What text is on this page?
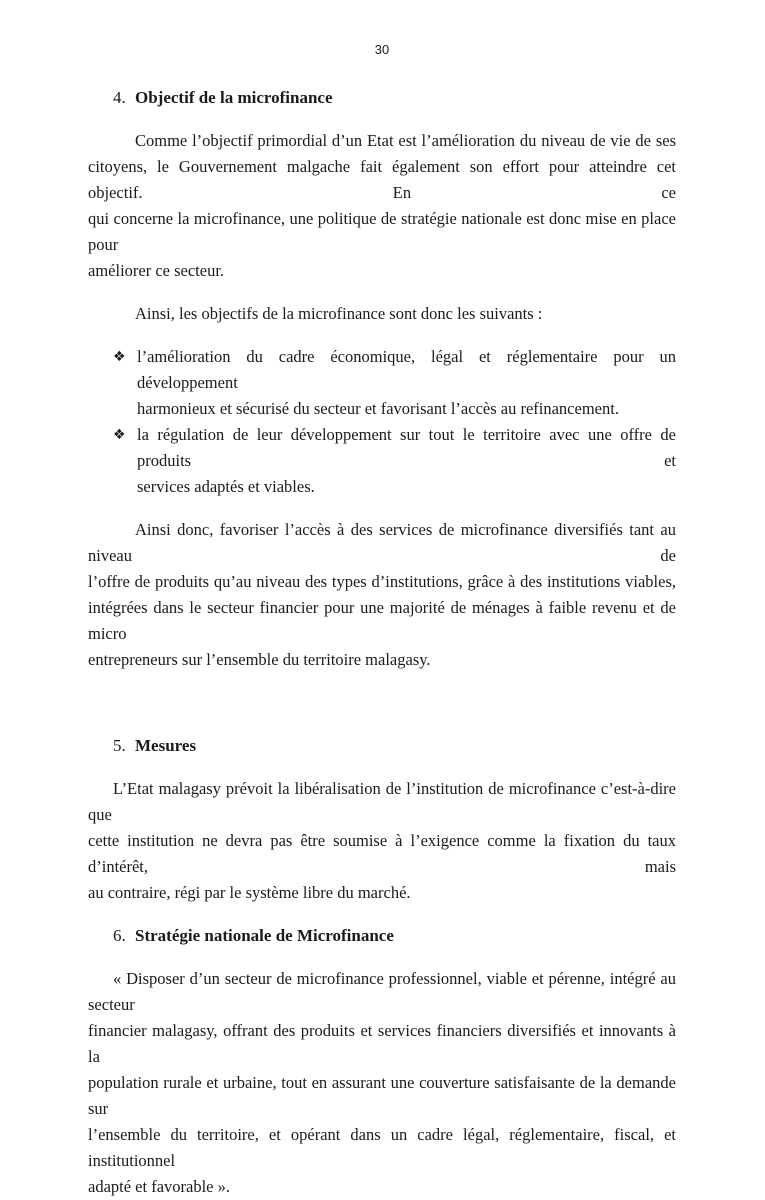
30
4. Objectif de la microfinance
Comme l’objectif primordial d’un Etat est l’amélioration du niveau de vie de ses
citoyens, le Gouvernement malgache fait également son effort pour atteindre cet objectif. En ce
qui concerne la microfinance, une politique de stratégie nationale est donc mise en place pour
améliorer ce secteur.
Ainsi, les objectifs de la microfinance sont donc les suivants :
❖ l’amélioration du cadre économique, légal et réglementaire pour un développement
harmonieux et sécurisé du secteur et favorisant l’accès au refinancement.
❖ la régulation de leur développement sur tout le territoire avec une offre de produits et
services adaptés et viables.
Ainsi donc, favoriser l’accès à des services de microfinance diversifiés tant au niveau de
l’offre de produits qu’au niveau des types d’institutions, grâce à des institutions viables,
intégrées dans le secteur financier pour une majorité de ménages à faible revenu et de micro
entrepreneurs sur l’ensemble du territoire malagasy.
5. Mesures
L’Etat malagasy prévoit la libéralisation de l’institution de microfinance c’est-à-dire que
cette institution ne devra pas être soumise à l’exigence comme la fixation du taux d’intérêt, mais
au contraire, régi par le système libre du marché.
6. Stratégie nationale de Microfinance
« Disposer d’un secteur de microfinance professionnel, viable et pérenne, intégré au secteur
financier malagasy, offrant des produits et services financiers diversifiés et innovants à la
population rurale et urbaine, tout en assurant une couverture satisfaisante de la demande sur
l’ensemble du territoire, et opérant dans un cadre légal, réglementaire, fiscal, et institutionnel
adapté et favorable ».
